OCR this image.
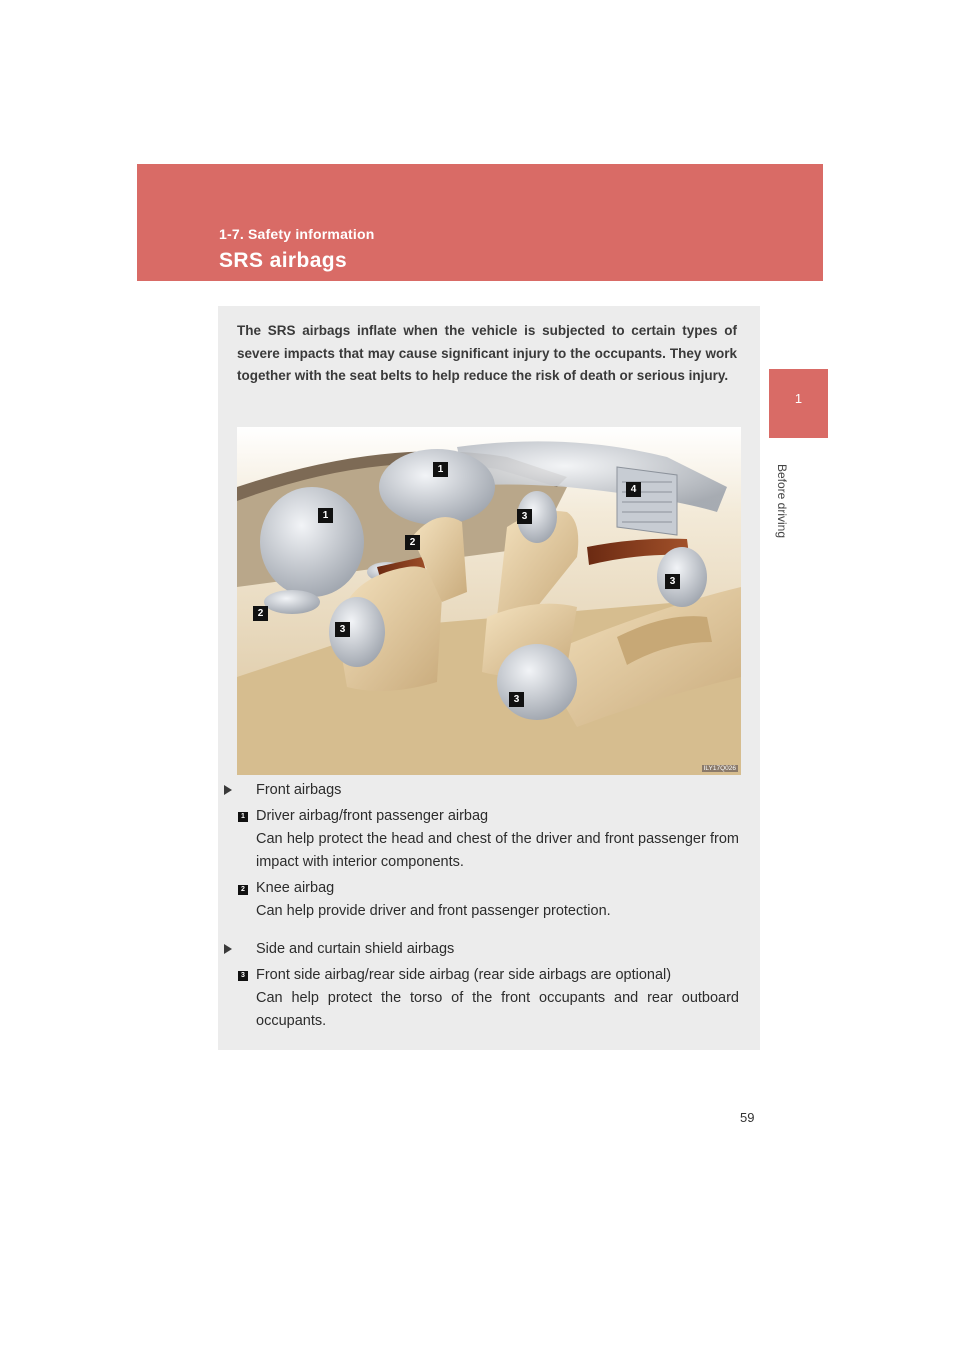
1-7. Safety information
SRS airbags
1
Before driving
The SRS airbags inflate when the vehicle is subjected to certain types of severe impacts that may cause significant injury to the occupants. They work together with the seat belts to help reduce the risk of death or serious injury.
1
1
2
2
3
3
3
3
4
ILY17Q026
Front airbags
1 Driver airbag/front passenger airbag
Can help protect the head and chest of the driver and front passenger from impact with interior components.
2 Knee airbag
Can help provide driver and front passenger protection.
Side and curtain shield airbags
3 Front side airbag/rear side airbag (rear side airbags are optional)
Can help protect the torso of the front occupants and rear outboard occupants.
59
